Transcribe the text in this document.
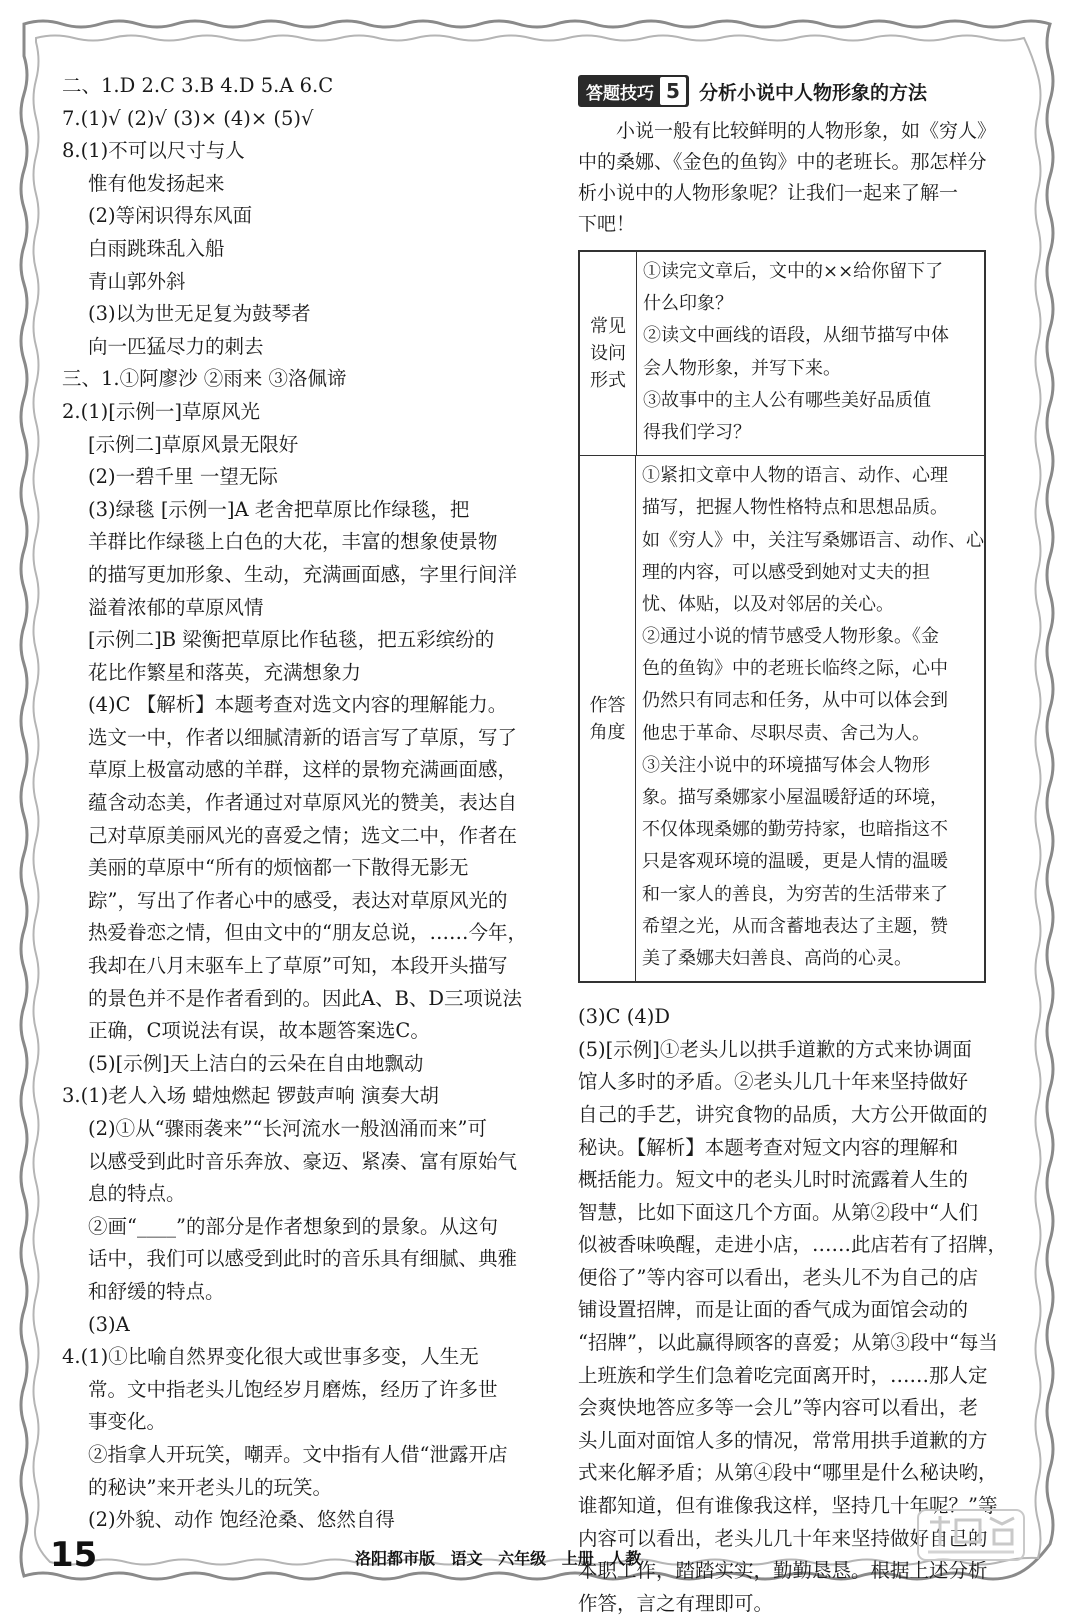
二、1.D 2.C 3.B 4.D 5.A 6.C
7.(1)√ (2)√ (3)× (4)× (5)√
8.(1)不可以尺寸与人
惟有他发扬起来
(2)等闲识得东风面
白雨跳珠乱入船
青山郭外斜
(3)以为世无足复为鼓琴者
向一匹猛尽力的刺去
三、1.①阿廖沙 ②雨来 ③洛佩谛
2.(1)[示例一]草原风光
[示例二]草原风景无限好
(2)一碧千里 一望无际
(3)绿毯 [示例一]A 老舍把草原比作绿毯，把
羊群比作绿毯上白色的大花，丰富的想象使景物
的描写更加形象、生动，充满画面感，字里行间洋
溢着浓郁的草原风情
[示例二]B 梁衡把草原比作毡毯，把五彩缤纷的
花比作繁星和落英，充满想象力
(4)C 【解析】本题考查对选文内容的理解能力。
选文一中，作者以细腻清新的语言写了草原，写了
草原上极富动感的羊群，这样的景物充满画面感，
蕴含动态美，作者通过对草原风光的赞美，表达自
己对草原美丽风光的喜爱之情；选文二中，作者在
美丽的草原中“所有的烦恼都一下散得无影无
踪”，写出了作者心中的感受，表达对草原风光的
热爱眷恋之情，但由文中的“朋友总说，……今年，
我却在八月末驱车上了草原”可知，本段开头描写
的景色并不是作者看到的。因此A、B、D三项说法
正确，C项说法有误，故本题答案选C。
(5)[示例]天上洁白的云朵在自由地飘动
3.(1)老人入场 蜡烛燃起 锣鼓声响 演奏大胡
(2)①从“骤雨袭来”“长河流水一般汹涌而来”可
以感受到此时音乐奔放、豪迈、紧凑、富有原始气
息的特点。
②画“____”的部分是作者想象到的景象。从这句
话中，我们可以感受到此时的音乐具有细腻、典雅
和舒缓的特点。
(3)A
4.(1)①比喻自然界变化很大或世事多变，人生无
常。文中指老头儿饱经岁月磨炼，经历了许多世
事变化。
②指拿人开玩笑，嘲弄。文中指有人借“泄露开店
的秘诀”来开老头儿的玩笑。
(2)外貌、动作 饱经沧桑、悠然自得
答题技巧 5	分析小说中人物形象的方法
小说一般有比较鲜明的人物形象，如《穷人》
中的桑娜、《金色的鱼钩》中的老班长。那怎样分
析小说中的人物形象呢？让我们一起来了解一
下吧！
常见设问形式
①读完文章后，文中的××给你留下了
什么印象？
②读文中画线的语段，从细节描写中体
会人物形象，并写下来。
③故事中的主人公有哪些美好品质值
得我们学习？
作答角度
①紧扣文章中人物的语言、动作、心理
描写，把握人物性格特点和思想品质。
如《穷人》中，关注写桑娜语言、动作、心
理的内容，可以感受到她对丈夫的担
忧、体贴，以及对邻居的关心。
②通过小说的情节感受人物形象。《金
色的鱼钩》中的老班长临终之际，心中
仍然只有同志和任务，从中可以体会到
他忠于革命、尽职尽责、舍己为人。
③关注小说中的环境描写体会人物形
象。描写桑娜家小屋温暖舒适的环境，
不仅体现桑娜的勤劳持家，也暗指这不
只是客观环境的温暖，更是人情的温暖
和一家人的善良，为穷苦的生活带来了
希望之光，从而含蓄地表达了主题，赞
美了桑娜夫妇善良、高尚的心灵。
(3)C (4)D
(5)[示例]①老头儿以拱手道歉的方式来协调面
馆人多时的矛盾。②老头儿几十年来坚持做好
自己的手艺，讲究食物的品质，大方公开做面的
秘诀。【解析】本题考查对短文内容的理解和
概括能力。短文中的老头儿时时流露着人生的
智慧，比如下面这几个方面。从第②段中“人们
似被香味唤醒，走进小店，……此店若有了招牌，
便俗了”等内容可以看出，老头儿不为自己的店
铺设置招牌，而是让面的香气成为面馆会动的
“招牌”，以此赢得顾客的喜爱；从第③段中“每当
上班族和学生们急着吃完面离开时，……那人定
会爽快地答应多等一会儿”等内容可以看出，老
头儿面对面馆人多的情况，常常用拱手道歉的方
式来化解矛盾；从第④段中“哪里是什么秘诀哟，
谁都知道，但有谁像我这样，坚持几十年呢？”等
内容可以看出，老头儿几十年来坚持做好自己的
本职工作，踏踏实实，勤勤恳恳。根据上述分析
作答，言之有理即可。
15	洛阳都市版 语文 六年级 上册 人教
